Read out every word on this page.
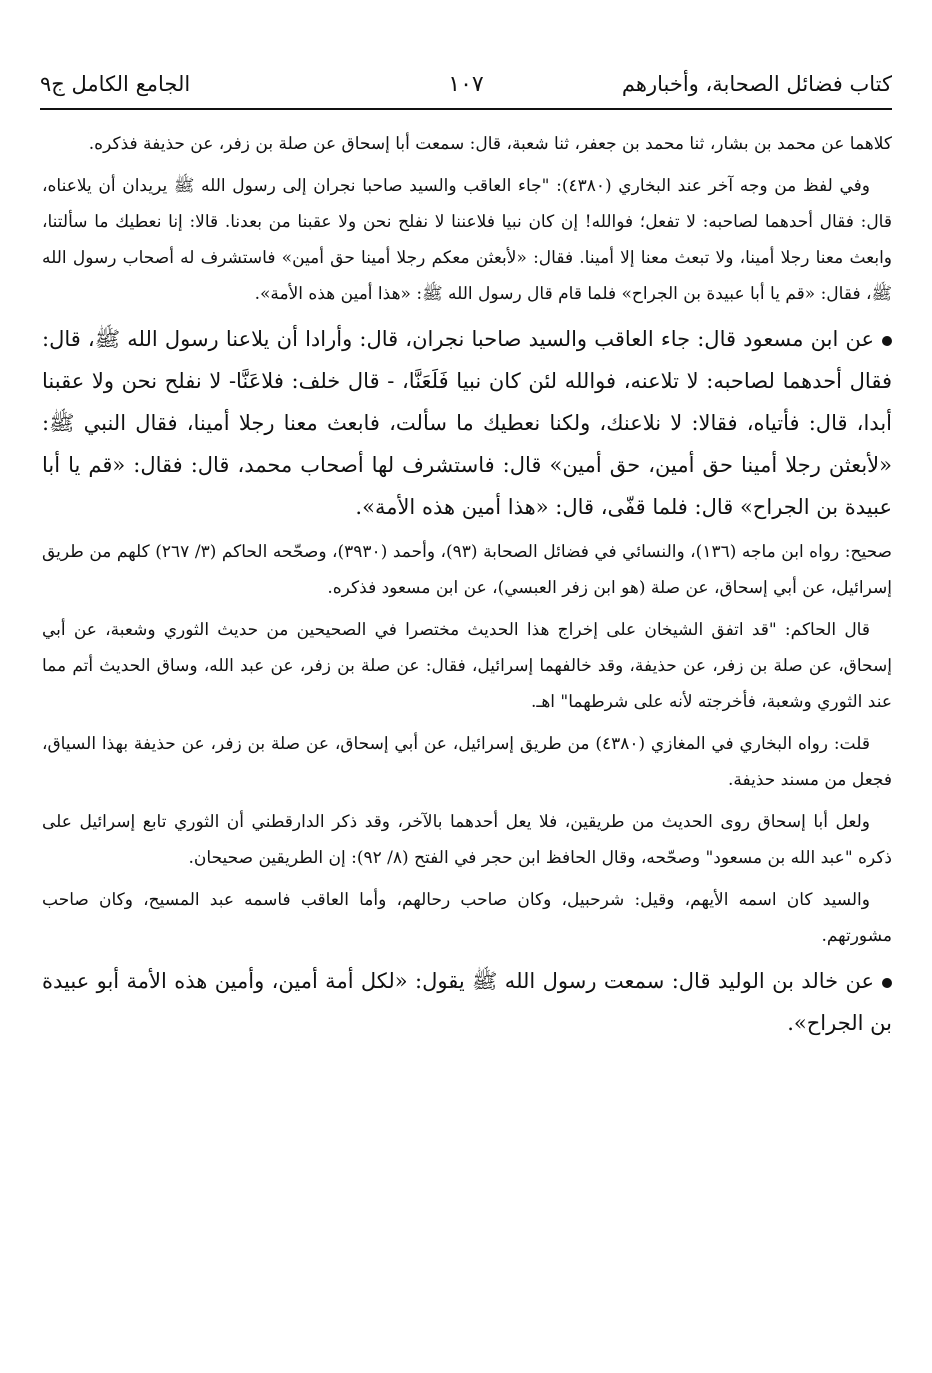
كتاب فضائل الصحابة، وأخبارهم
١٠٧
الجامع الكامل ج٩

كلاهما عن محمد بن بشار، ثنا محمد بن جعفر، ثنا شعبة، قال: سمعت أبا إسحاق عن صلة بن زفر، عن حذيفة فذكره.

وفي لفظ من وجه آخر عند البخاري (٤٣٨٠): "جاء العاقب والسيد صاحبا نجران إلى رسول الله ﷺ يريدان أن يلاعناه، قال: فقال أحدهما لصاحبه: لا تفعل؛ فوالله! إن كان نبيا فلاعننا لا نفلح نحن ولا عقبنا من بعدنا. قالا: إنا نعطيك ما سألتنا، وابعث معنا رجلا أمينا، ولا تبعث معنا إلا أمينا. فقال: «لأبعثن معكم رجلا أمينا حق أمين» فاستشرف له أصحاب رسول الله ﷺ، فقال: «قم يا أبا عبيدة بن الجراح» فلما قام قال رسول الله ﷺ: «هذا أمين هذه الأمة».

عن ابن مسعود قال: جاء العاقب والسيد صاحبا نجران، قال: وأرادا أن يلاعنا رسول الله ﷺ، قال: فقال أحدهما لصاحبه: لا تلاعنه، فوالله لئن كان نبيا فَلَعَنَّا، - قال خلف: فلاعَنَّا- لا نفلح نحن ولا عقبنا أبدا، قال: فأتياه، فقالا: لا نلاعنك، ولكنا نعطيك ما سألت، فابعث معنا رجلا أمينا، فقال النبي ﷺ: «لأبعثن رجلا أمينا حق أمين، حق أمين» قال: فاستشرف لها أصحاب محمد، قال: فقال: «قم يا أبا عبيدة بن الجراح» قال: فلما قفّى، قال: «هذا أمين هذه الأمة».

صحيح: رواه ابن ماجه (١٣٦)، والنسائي في فضائل الصحابة (٩٣)، وأحمد (٣٩٣٠)، وصحّحه الحاكم (٣/ ٢٦٧) كلهم من طريق إسرائيل، عن أبي إسحاق، عن صلة (هو ابن زفر العبسي)، عن ابن مسعود فذكره.

قال الحاكم: "قد اتفق الشيخان على إخراج هذا الحديث مختصرا في الصحيحين من حديث الثوري وشعبة، عن أبي إسحاق، عن صلة بن زفر، عن حذيفة، وقد خالفهما إسرائيل، فقال: عن صلة بن زفر، عن عبد الله، وساق الحديث أتم مما عند الثوري وشعبة، فأخرجته لأنه على شرطهما" اهـ.

قلت: رواه البخاري في المغازي (٤٣٨٠) من طريق إسرائيل، عن أبي إسحاق، عن صلة بن زفر، عن حذيفة بهذا السياق، فجعل من مسند حذيفة.

ولعل أبا إسحاق روى الحديث من طريقين، فلا يعل أحدهما بالآخر، وقد ذكر الدارقطني أن الثوري تابع إسرائيل على ذكره "عبد الله بن مسعود" وصحّحه، وقال الحافظ ابن حجر في الفتح (٨/ ٩٢): إن الطريقين صحيحان.

والسيد كان اسمه الأيهم، وقيل: شرحبيل، وكان صاحب رحالهم، وأما العاقب فاسمه عبد المسيح، وكان صاحب مشورتهم.

عن خالد بن الوليد قال: سمعت رسول الله ﷺ يقول: «لكل أمة أمين، وأمين هذه الأمة أبو عبيدة بن الجراح».
